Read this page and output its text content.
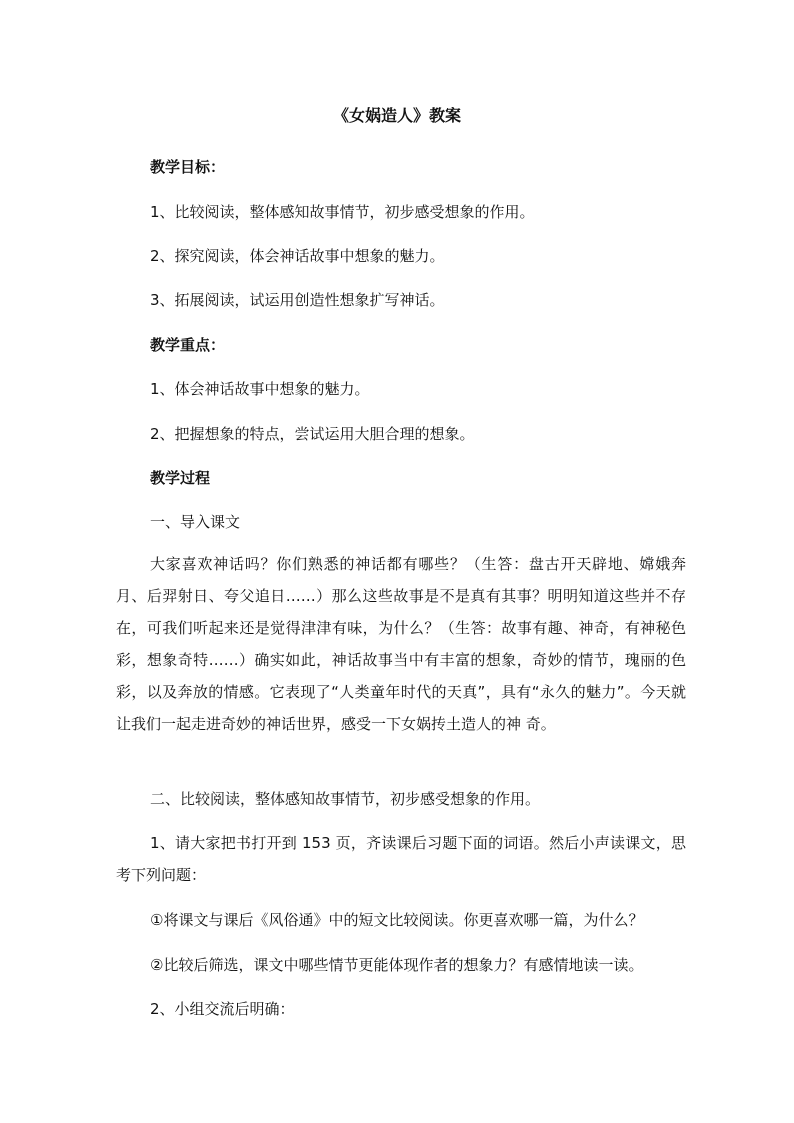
《女娲造人》教案
教学目标：
1、比较阅读，整体感知故事情节，初步感受想象的作用。
2、探究阅读，体会神话故事中想象的魅力。
3、拓展阅读，试运用创造性想象扩写神话。
教学重点：
1、体会神话故事中想象的魅力。
2、把握想象的特点，尝试运用大胆合理的想象。
教学过程
一、导入课文
大家喜欢神话吗？你们熟悉的神话都有哪些？（生答：盘古开天辟地、嫦娥奔月、后羿射日、夸父追日……）那么这些故事是不是真有其事？明明知道这些并不存在，可我们听起来还是觉得津津有味，为什么？（生答：故事有趣、神奇，有神秘色彩，想象奇特……）确实如此，神话故事当中有丰富的想象，奇妙的情节，瑰丽的色彩，以及奔放的情感。它表现了“人类童年时代的天真”，具有“永久的魅力”。今天就让我们一起走进奇妙的神话世界，感受一下女娲抟土造人的神 奇。
二、比较阅读，整体感知故事情节，初步感受想象的作用。
1、请大家把书打开到 153 页，齐读课后习题下面的词语。然后小声读课文，思考下列问题：
①将课文与课后《风俗通》中的短文比较阅读。你更喜欢哪一篇，为什么？
②比较后筛选，课文中哪些情节更能体现作者的想象力？有感情地读一读。
2、小组交流后明确：
